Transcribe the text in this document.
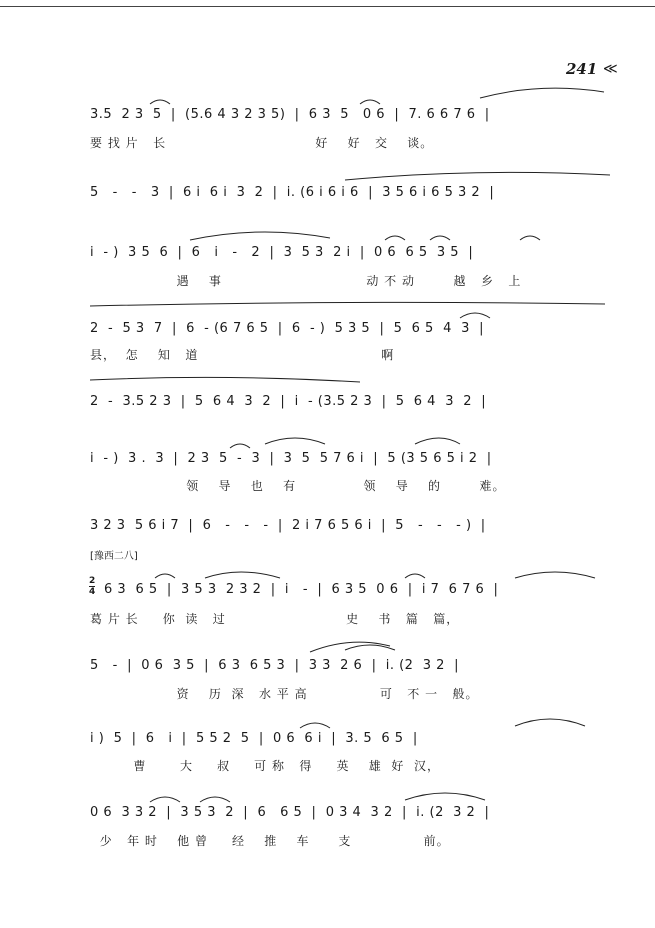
241 ≪
3.5  2 3  5  |  (5.6 4 3 2 3 5)  |  6 3  5   0 6  |  7. 6 6 7 6  |
要 找 片   长                               好    好   交    谈。
5   -   -   3  |  6 i  6 i  3  2  |  i. (6 i 6 i 6  |  3 5 6 i 6 5 3 2  |
i  - )  3 5  6  |  6   i   -   2  |  3  5 3  2 i  |  0 6  6 5  3 5  |
遇    事                              动 不 动        越   乡   上
2  -  5 3  7  |  6  - (6 7 6 5  |  6  - )  5 3 5  |  5  6 5  4  3  |
县，  怎    知   道                                      啊
2  -  3.5 2 3  |  5  6 4  3  2  |  i  - (3.5 2 3  |  5  6 4  3  2  |
i  - )  3 .  3  |  2 3  5  -  3  |  3  5  5 7 6 i  |  5 (3 5 6 5 i 2  |
领    导    也    有              领    导    的        难。
3 2 3  5 6 i 7  |  6   -   -   -  |  2 i 7 6 5 6 i  |  5   -   -   - )  |
[豫西二八]
2
4 6 3  6 5  |  3 5 3  2 3 2  |  i   -  |  6 3 5  0 6  |  i 7  6 7 6  |
葛 片 长     你  读   过                         史    书   篇   篇，
5   -  |  0 6  3 5  |  6 3  6 5 3  |  3 3  2 6  |  i. (2  3 2  |
资    历  深   水 平 高               可   不 一   般。
i )  5  |  6   i  |  5 5 2  5  |  0 6  6 i  |  3. 5  6 5  |
曹       大     叔     可 称   得     英    雄  好  汉，
0 6  3 3 2  |  3 5 3  2  |  6   6 5  |  0 3 4  3 2  |  i. (2  3 2  |
少   年 时    他 曾     经    推    车      支               前。
